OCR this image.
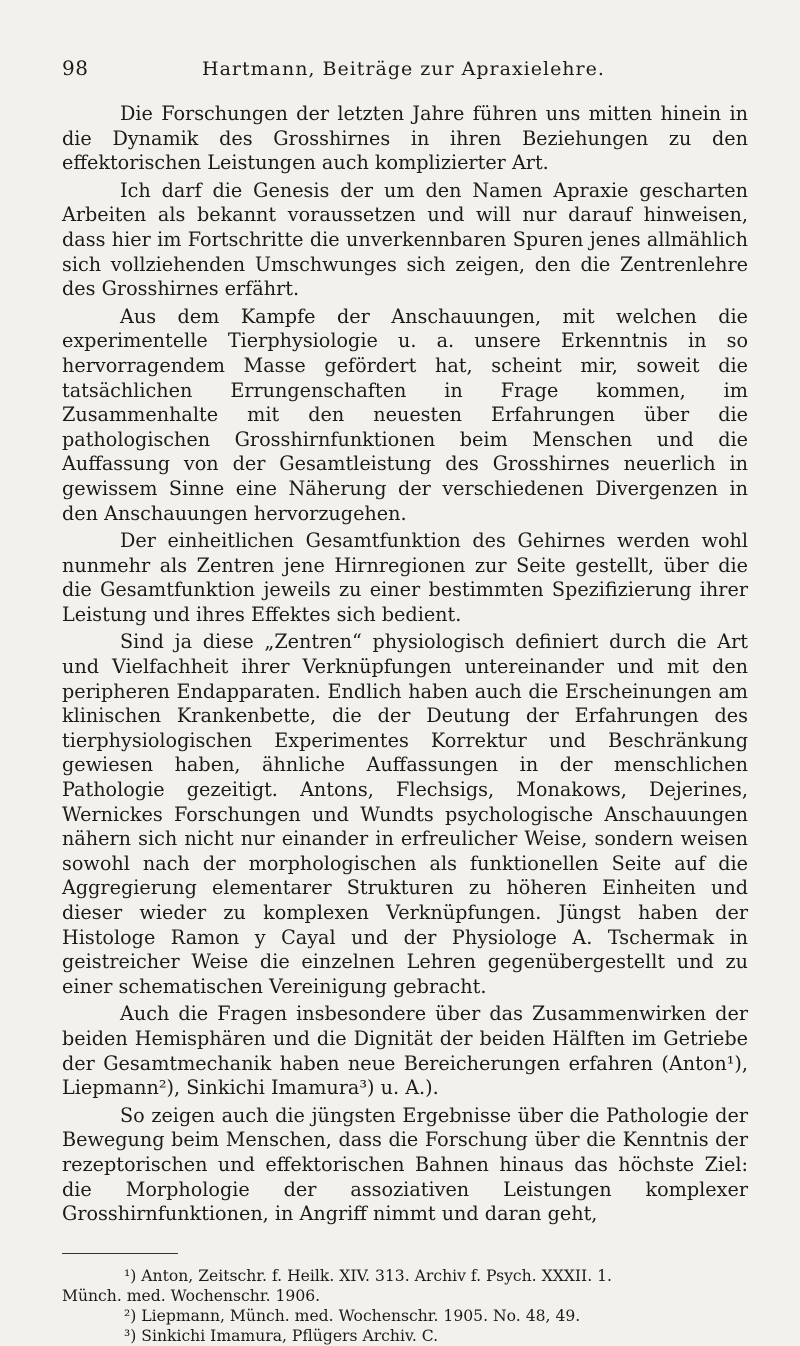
98	Hartmann, Beiträge zur Apraxielehre.

Die Forschungen der letzten Jahre führen uns mitten hinein in die Dynamik des Grosshirnes in ihren Beziehungen zu den effektorischen Leistungen auch komplizierter Art.

Ich darf die Genesis der um den Namen Apraxie gescharten Arbeiten als bekannt voraussetzen und will nur darauf hinweisen, dass hier im Fortschritte die unverkennbaren Spuren jenes allmählich sich vollziehenden Umschwunges sich zeigen, den die Zentrenlehre des Grosshirnes erfährt.

Aus dem Kampfe der Anschauungen, mit welchen die experimentelle Tierphysiologie u. a. unsere Erkenntnis in so hervorragendem Masse gefördert hat, scheint mir, soweit die tatsächlichen Errungenschaften in Frage kommen, im Zusammenhalte mit den neuesten Erfahrungen über die pathologischen Grosshirnfunktionen beim Menschen und die Auffassung von der Gesamtleistung des Grosshirnes neuerlich in gewissem Sinne eine Näherung der verschiedenen Divergenzen in den Anschauungen hervorzugehen.

Der einheitlichen Gesamtfunktion des Gehirnes werden wohl nunmehr als Zentren jene Hirnregionen zur Seite gestellt, über die die Gesamtfunktion jeweils zu einer bestimmten Spezifizierung ihrer Leistung und ihres Effektes sich bedient.

Sind ja diese „Zentren“ physiologisch definiert durch die Art und Vielfachheit ihrer Verknüpfungen untereinander und mit den peripheren Endapparaten. Endlich haben auch die Erscheinungen am klinischen Krankenbette, die der Deutung der Erfahrungen des tierphysiologischen Experimentes Korrektur und Beschränkung gewiesen haben, ähnliche Auffassungen in der menschlichen Pathologie gezeitigt. Antons, Flechsigs, Monakows, Dejerines, Wernickes Forschungen und Wundts psychologische Anschauungen nähern sich nicht nur einander in erfreulicher Weise, sondern weisen sowohl nach der morphologischen als funktionellen Seite auf die Aggregierung elementarer Strukturen zu höheren Einheiten und dieser wieder zu komplexen Verknüpfungen. Jüngst haben der Histologe Ramon y Cayal und der Physiologe A. Tschermak in geistreicher Weise die einzelnen Lehren gegenübergestellt und zu einer schematischen Vereinigung gebracht.

Auch die Fragen insbesondere über das Zusammenwirken der beiden Hemisphären und die Dignität der beiden Hälften im Getriebe der Gesamtmechanik haben neue Bereicherungen erfahren (Anton¹), Liepmann²), Sinkichi Imamura³) u. A.).

So zeigen auch die jüngsten Ergebnisse über die Pathologie der Bewegung beim Menschen, dass die Forschung über die Kenntnis der rezeptorischen und effektorischen Bahnen hinaus das höchste Ziel: die Morphologie der assoziativen Leistungen komplexer Grosshirnfunktionen, in Angriff nimmt und daran geht,

¹) Anton, Zeitschr. f. Heilk. XIV. 313. Archiv f. Psych. XXXII. 1.

Münch. med. Wochenschr. 1906.

²) Liepmann, Münch. med. Wochenschr. 1905. No. 48, 49.

³) Sinkichi Imamura, Pflügers Archiv. C.
